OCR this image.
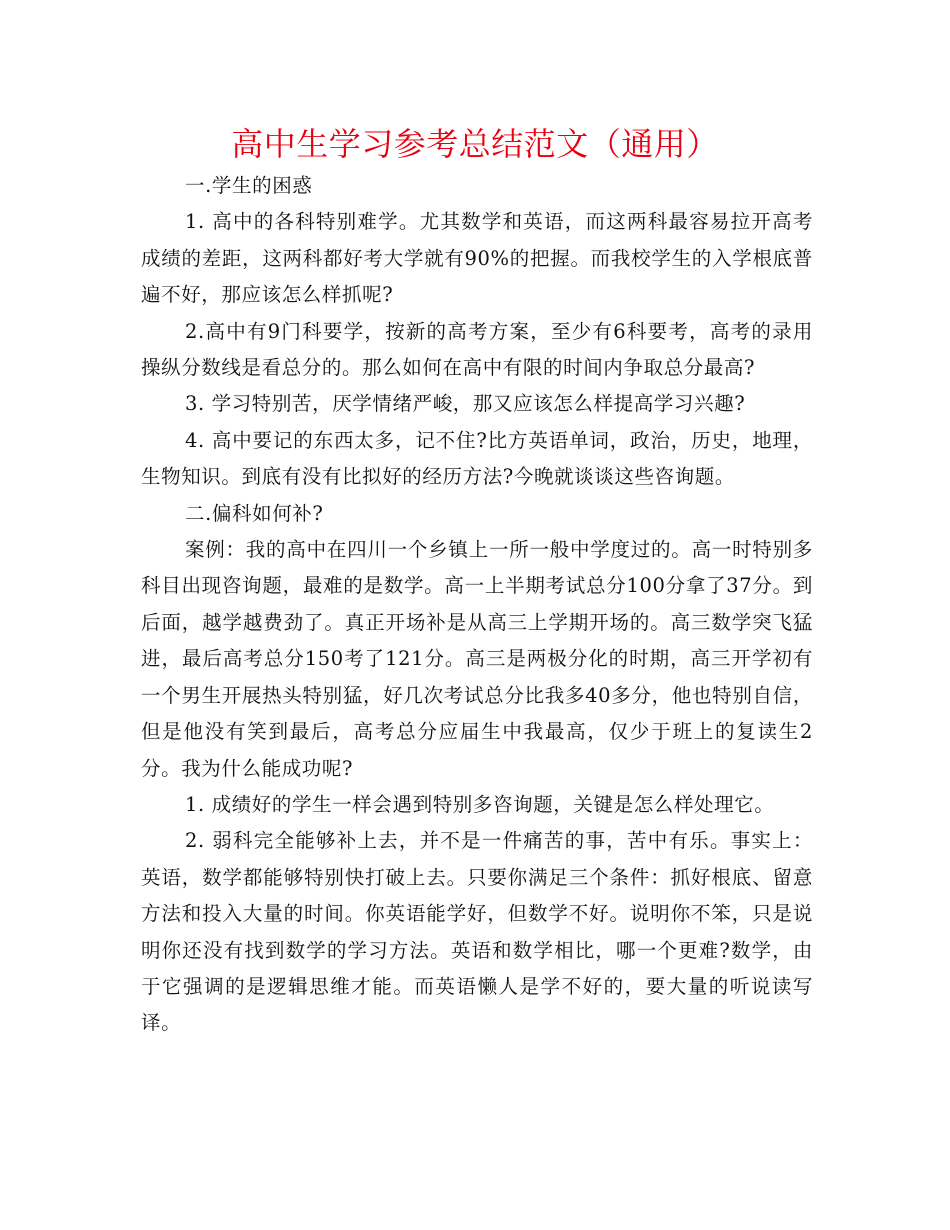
高中生学习参考总结范文（通用）

一.学生的困惑

1. 高中的各科特别难学。尤其数学和英语，而这两科最容易拉开高考成绩的差距，这两科都好考大学就有90%的把握。而我校学生的入学根底普遍不好，那应该怎么样抓呢?

2.高中有9门科要学，按新的高考方案，至少有6科要考，高考的录用操纵分数线是看总分的。那么如何在高中有限的时间内争取总分最高?

3. 学习特别苦，厌学情绪严峻，那又应该怎么样提高学习兴趣?

4. 高中要记的东西太多，记不住?比方英语单词，政治，历史，地理，生物知识。到底有没有比拟好的经历方法?今晚就谈谈这些咨询题。

二.偏科如何补?

案例：我的高中在四川一个乡镇上一所一般中学度过的。高一时特别多科目出现咨询题，最难的是数学。高一上半期考试总分100分拿了37分。到后面，越学越费劲了。真正开场补是从高三上学期开场的。高三数学突飞猛进，最后高考总分150考了121分。高三是两极分化的时期，高三开学初有一个男生开展热头特别猛，好几次考试总分比我多40多分，他也特别自信，但是他没有笑到最后，高考总分应届生中我最高，仅少于班上的复读生2分。我为什么能成功呢?

1. 成绩好的学生一样会遇到特别多咨询题，关键是怎么样处理它。

2. 弱科完全能够补上去，并不是一件痛苦的事，苦中有乐。事实上：英语，数学都能够特别快打破上去。只要你满足三个条件：抓好根底、留意方法和投入大量的时间。你英语能学好，但数学不好。说明你不笨，只是说明你还没有找到数学的学习方法。英语和数学相比，哪一个更难?数学，由于它强调的是逻辑思维才能。而英语懒人是学不好的，要大量的听说读写译。
